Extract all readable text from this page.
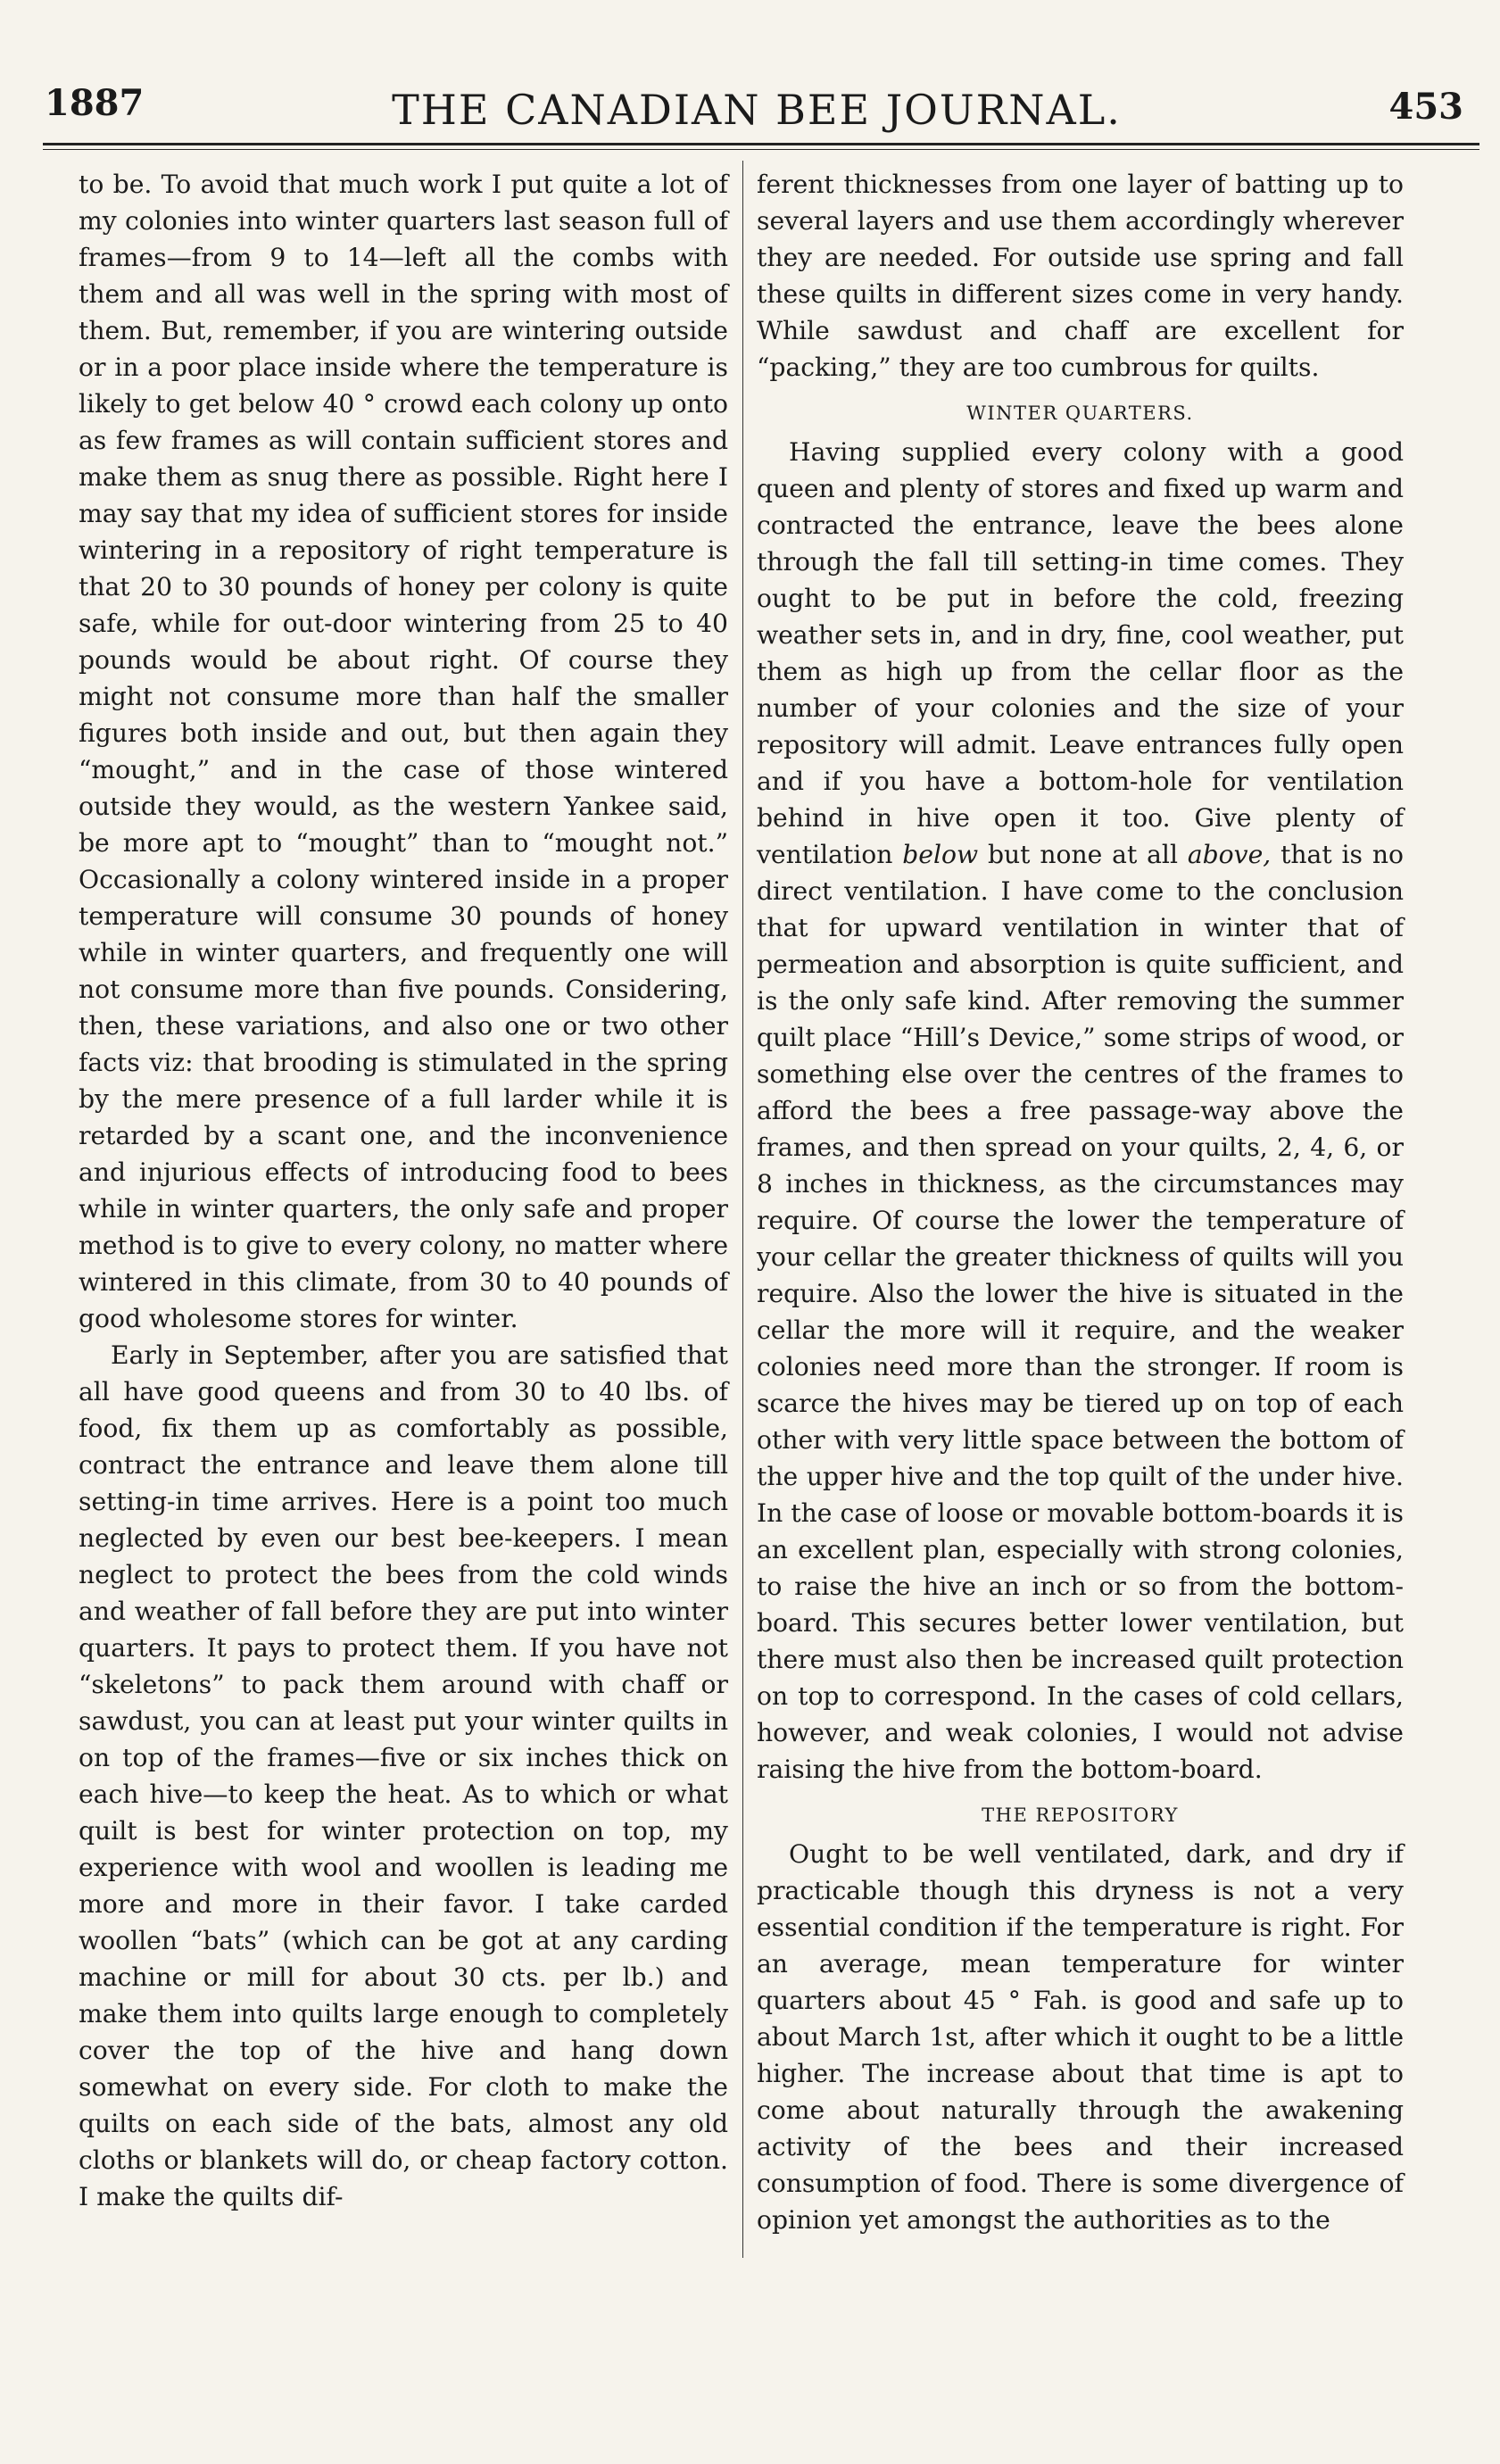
1887	THE CANADIAN BEE JOURNAL.	453

to be. To avoid that much work I put quite a lot of my colonies into winter quarters last season full of frames—from 9 to 14—left all the combs with them and all was well in the spring with most of them. But, remember, if you are wintering outside or in a poor place inside where the temperature is likely to get below 40 ° crowd each colony up onto as few frames as will contain sufficient stores and make them as snug there as possible. Right here I may say that my idea of sufficient stores for inside wintering in a repository of right temperature is that 20 to 30 pounds of honey per colony is quite safe, while for out-door wintering from 25 to 40 pounds would be about right. Of course they might not consume more than half the smaller figures both inside and out, but then again they “mought,” and in the case of those wintered outside they would, as the western Yankee said, be more apt to “mought” than to “mought not.” Occasionally a colony wintered inside in a proper temperature will consume 30 pounds of honey while in winter quarters, and frequently one will not consume more than five pounds. Considering, then, these variations, and also one or two other facts viz: that brooding is stimulated in the spring by the mere presence of a full larder while it is retarded by a scant one, and the inconvenience and injurious effects of introducing food to bees while in winter quarters, the only safe and proper method is to give to every colony, no matter where wintered in this climate, from 30 to 40 pounds of good wholesome stores for winter.

Early in September, after you are satisfied that all have good queens and from 30 to 40 lbs. of food, fix them up as comfortably as possible, contract the entrance and leave them alone till setting-in time arrives. Here is a point too much neglected by even our best bee-keepers. I mean neglect to protect the bees from the cold winds and weather of fall before they are put into winter quarters. It pays to protect them. If you have not “skeletons” to pack them around with chaff or sawdust, you can at least put your winter quilts in on top of the frames—five or six inches thick on each hive—to keep the heat. As to which or what quilt is best for winter protection on top, my experience with wool and woollen is leading me more and more in their favor. I take carded woollen “bats” (which can be got at any carding machine or mill for about 30 cts. per lb.) and make them into quilts large enough to completely cover the top of the hive and hang down somewhat on every side. For cloth to make the quilts on each side of the bats, almost any old cloths or blankets will do, or cheap factory cotton. I make the quilts dif-

ferent thicknesses from one layer of batting up to several layers and use them accordingly wherever they are needed. For outside use spring and fall these quilts in different sizes come in very handy. While sawdust and chaff are excellent for “packing,” they are too cumbrous for quilts.

WINTER QUARTERS.

Having supplied every colony with a good queen and plenty of stores and fixed up warm and contracted the entrance, leave the bees alone through the fall till setting-in time comes. They ought to be put in before the cold, freezing weather sets in, and in dry, fine, cool weather, put them as high up from the cellar floor as the number of your colonies and the size of your repository will admit. Leave entrances fully open and if you have a bottom-hole for ventilation behind in hive open it too. Give plenty of ventilation below but none at all above, that is no direct ventilation. I have come to the conclusion that for upward ventilation in winter that of permeation and absorption is quite sufficient, and is the only safe kind. After removing the summer quilt place “Hill’s Device,” some strips of wood, or something else over the centres of the frames to afford the bees a free passage-way above the frames, and then spread on your quilts, 2, 4, 6, or 8 inches in thickness, as the circumstances may require. Of course the lower the temperature of your cellar the greater thickness of quilts will you require. Also the lower the hive is situated in the cellar the more will it require, and the weaker colonies need more than the stronger. If room is scarce the hives may be tiered up on top of each other with very little space between the bottom of the upper hive and the top quilt of the under hive. In the case of loose or movable bottom-boards it is an excellent plan, especially with strong colonies, to raise the hive an inch or so from the bottom-board. This secures better lower ventilation, but there must also then be increased quilt protection on top to correspond. In the cases of cold cellars, however, and weak colonies, I would not advise raising the hive from the bottom-board.

THE REPOSITORY

Ought to be well ventilated, dark, and dry if practicable though this dryness is not a very essential condition if the temperature is right. For an average, mean temperature for winter quarters about 45 ° Fah. is good and safe up to about March 1st, after which it ought to be a little higher. The increase about that time is apt to come about naturally through the awakening activity of the bees and their increased consumption of food. There is some divergence of opinion yet amongst the authorities as to the
